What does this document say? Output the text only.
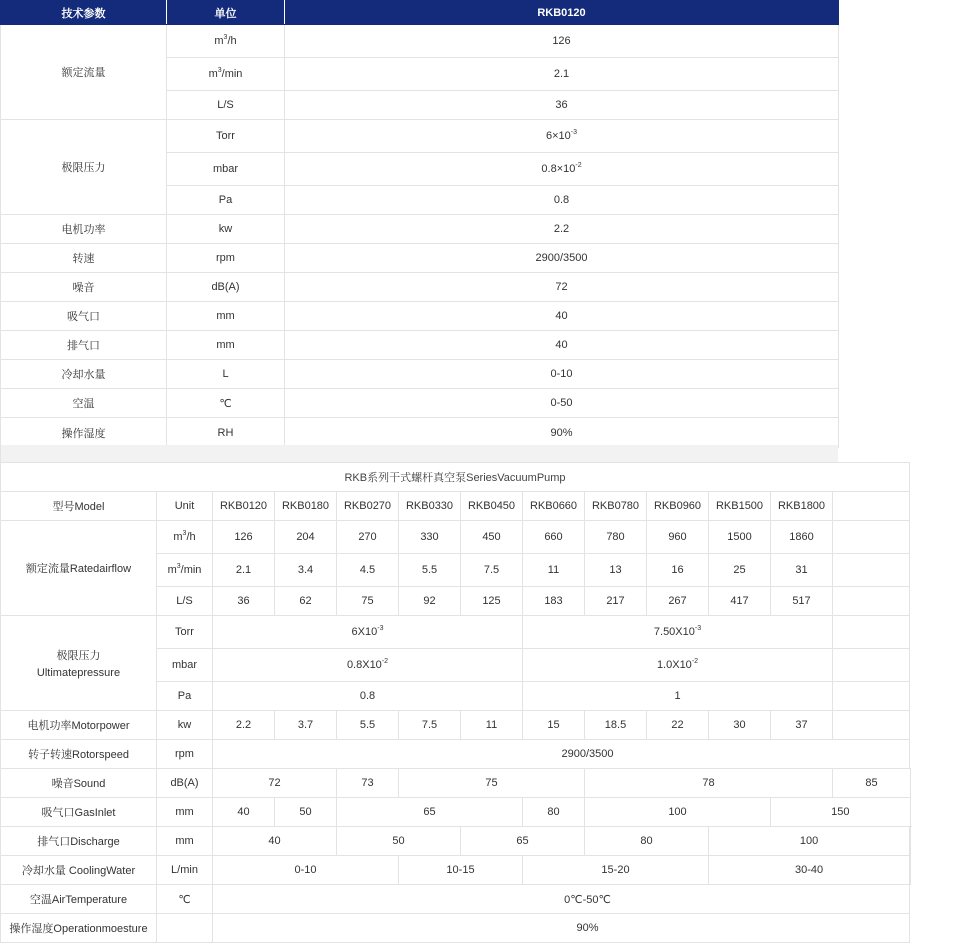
技术参数	单位	RKB0120
额定流量	$m^3/h$	126
	$m^3/\min$	2.1
	L/S	36
极限压力	Torr	$6\times 10^{-3}$
	mbar	$0.8\times 10^{-2}$
	Pa	0.8
电机功率	kw	2.2
转速	rpm	2900/3500
噪音	dB(A)	72
吸气口	mm	40
排气口	mm	40
冷却水量	L	0-10
空温	℃	0-50
操作湿度	RH	90%
RKB系列干式螺杆真空泵SeriesVacuumPump													
型号Model	Unit	RKB0120	RKB0180	RKB0270	RKB0330	RKB0450	RKB0660	RKB0780	RKB0960	RKB1500	RKB1800		
额定流量Ratedairflow	$m^3/h$	126	204	270	330	450	660	780	960	1500	1860		
	$m^3/\min$	2.1	3.4	4.5	5.5	7.5	11	13	16	25	31		
	L/S	36	62	75	92	125	183	217	267	417	517		

极限压力
Ultimatepressure	Torr	$6X10^{-3}$					$7.50X10^{-3}$	
	mbar	$0.8X10^{-2}$					$1.0X10^{-2}$	
	Pa	0.8					1						
电机功率Motorpower	kw	2.2	3.7	5.5	7.5	11	15	18.5	22	30	37		
转子转速Rotorspeed	rpm	2900/3500											

噪音Sound	dB(A)	72		73	75			78				85	
吸气口GasInlet	mm	40	50	65			80	100			150		
排气口Discharge	mm	40		50		65		80		100			
冷却水量 CoolingWater	L/min	0-10			10-15		15-20			30-40			
空温AirTemperature	℃	0℃-50℃											

操作湿度Operationmoesture		90%											
